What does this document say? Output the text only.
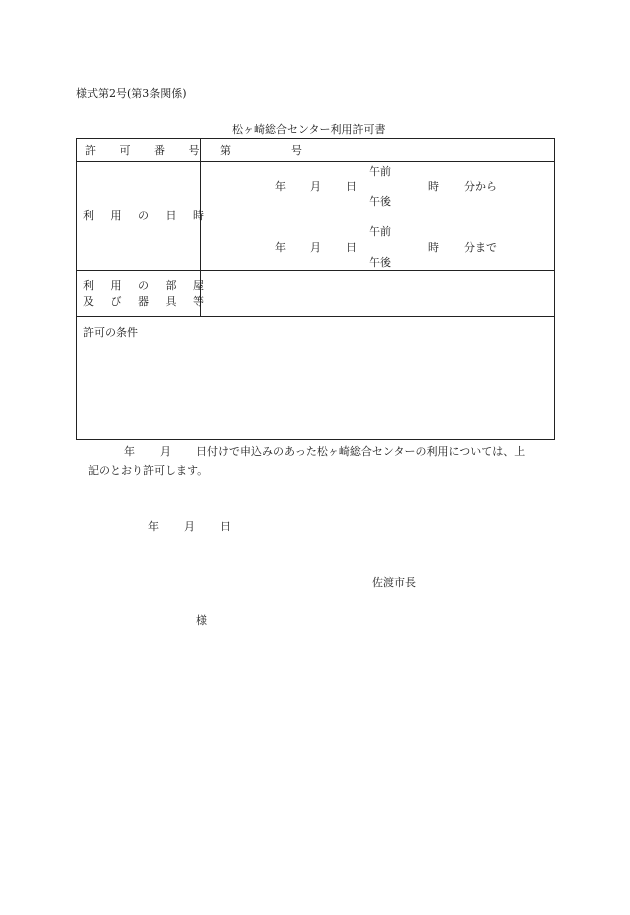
様式第2号(第3条関係)
松ヶ崎総合センター利用許可書
許 可 番 号 第	号
利 用 の 日 時
午前
年 月 日	時 分から
午後
午前
年 月 日	時 分まで
午後
利 用 の 部 屋
及 び 器 具 等
許可の条件
年 月 日付けで申込みのあった松ヶ崎総合センターの利用については、上
記のとおり許可します。
年 月 日
佐渡市長
様
